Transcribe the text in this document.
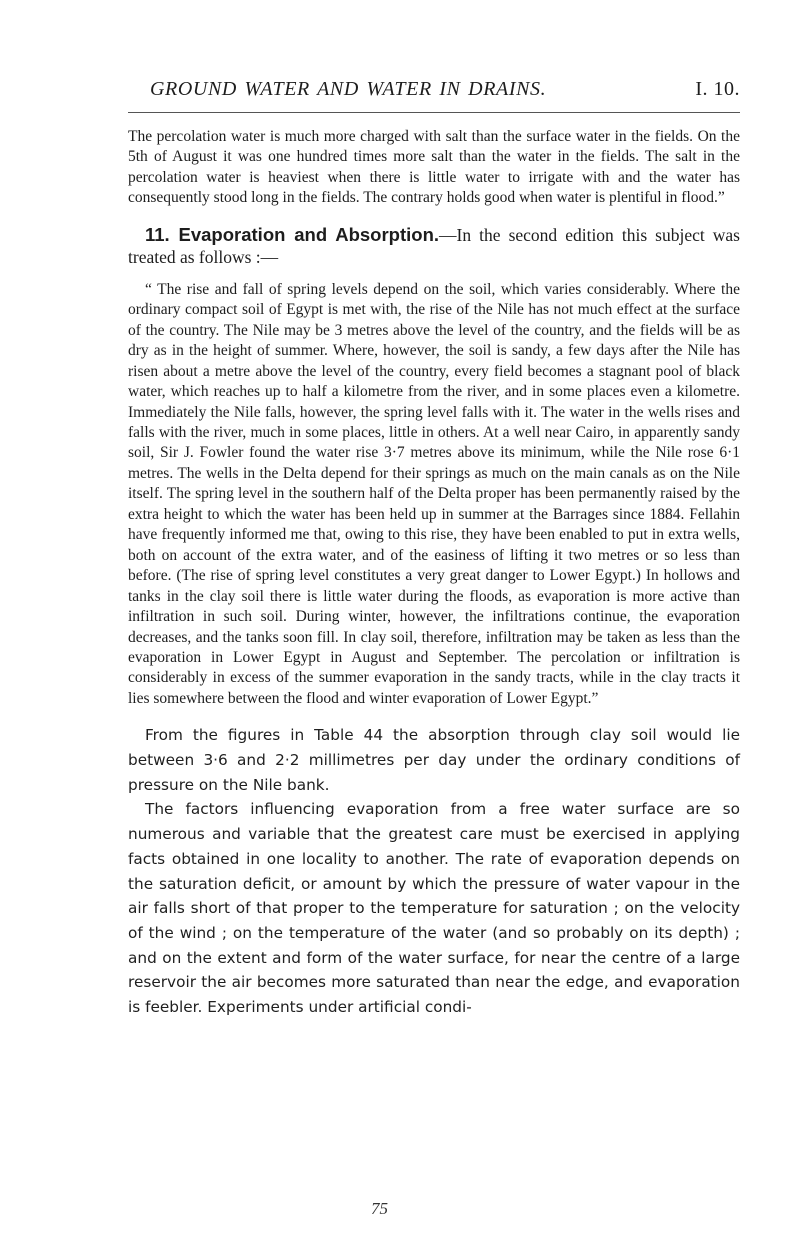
GROUND WATER AND WATER IN DRAINS.	I. 10.

The percolation water is much more charged with salt than the surface water in the fields. On the 5th of August it was one hundred times more salt than the water in the fields. The salt in the percolation water is heaviest when there is little water to irrigate with and the water has consequently stood long in the fields. The contrary holds good when water is plentiful in flood.”

11. Evaporation and Absorption.—In the second edition this subject was treated as follows :—

“ The rise and fall of spring levels depend on the soil, which varies considerably. Where the ordinary compact soil of Egypt is met with, the rise of the Nile has not much effect at the surface of the country. The Nile may be 3 metres above the level of the country, and the fields will be as dry as in the height of summer. Where, however, the soil is sandy, a few days after the Nile has risen about a metre above the level of the country, every field becomes a stagnant pool of black water, which reaches up to half a kilometre from the river, and in some places even a kilometre. Immediately the Nile falls, however, the spring level falls with it. The water in the wells rises and falls with the river, much in some places, little in others. At a well near Cairo, in apparently sandy soil, Sir J. Fowler found the water rise 3·7 metres above its minimum, while the Nile rose 6·1 metres. The wells in the Delta depend for their springs as much on the main canals as on the Nile itself. The spring level in the southern half of the Delta proper has been permanently raised by the extra height to which the water has been held up in summer at the Barrages since 1884. Fellahin have frequently informed me that, owing to this rise, they have been enabled to put in extra wells, both on account of the extra water, and of the easiness of lifting it two metres or so less than before. (The rise of spring level constitutes a very great danger to Lower Egypt.) In hollows and tanks in the clay soil there is little water during the floods, as evaporation is more active than infiltration in such soil. During winter, however, the infiltrations continue, the evaporation decreases, and the tanks soon fill. In clay soil, therefore, infiltration may be taken as less than the evaporation in Lower Egypt in August and September. The percolation or infiltration is considerably in excess of the summer evaporation in the sandy tracts, while in the clay tracts it lies somewhere between the flood and winter evaporation of Lower Egypt.”

From the figures in Table 44 the absorption through clay soil would lie between 3·6 and 2·2 millimetres per day under the ordinary conditions of pressure on the Nile bank.

The factors influencing evaporation from a free water surface are so numerous and variable that the greatest care must be exercised in applying facts obtained in one locality to another. The rate of evaporation depends on the saturation deficit, or amount by which the pressure of water vapour in the air falls short of that proper to the temperature for saturation ; on the velocity of the wind ; on the temperature of the water (and so probably on its depth) ; and on the extent and form of the water surface, for near the centre of a large reservoir the air becomes more saturated than near the edge, and evaporation is feebler. Experiments under artificial condi-

75
